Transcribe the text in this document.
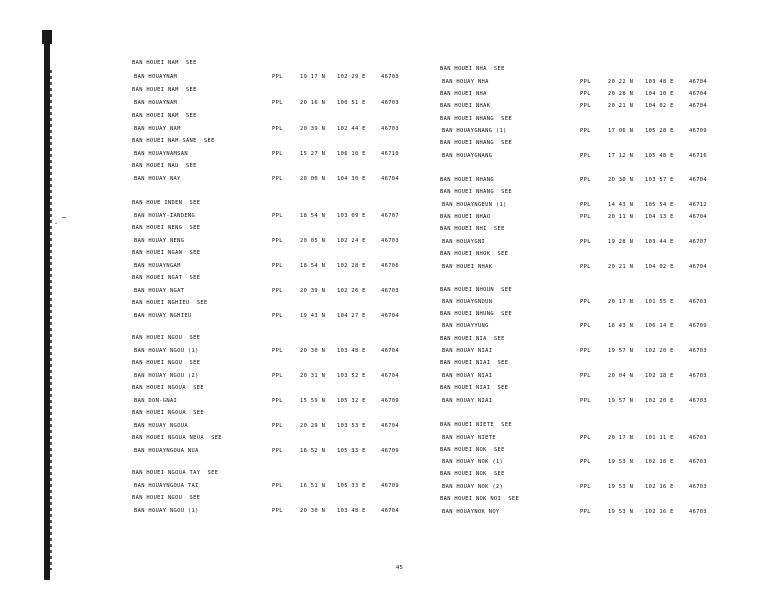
BAN HOUEI NAM  SEE
BAN HOUAYNAM	PPL	19 17 N 102 29 E	46703
BAN HOUEI NAM  SEE
BAN HOUAYNAM	PPL	20 16 N 100 51 E	46703
BAN HOUEI NAM  SEE
BAN HOUAY NAM	PPL	20 39 N 102 44 E	46703
BAN HOUEI NAM SANE  SEE
BAN HOUAYNAMSAN	PPL	15 27 N 106 10 E	46710
BAN HOUEI NAU  SEE
BAN HOUAY NAY	PPL	20 00 N 104 30 E	46704
BAN HOUE INDEN  SEE
BAN HOUAY-IANDENG	PPL	18 54 N 103 09 E	46707
BAN HOUEI NENG  SEE
BAN HOUAY NENG	PPL	20 05 N 102 24 E	46703
BAN HOUEI NGAN  SEE
BAN HOUAYNGAM	PPL	18 54 N 102 28 E	46706
BAN HOUEI NGAT  SEE
BAN HOUAY NGAT	PPL	20 39 N 102 26 E	46703
BAN HOUEI NGHIEU  SEE
BAN HOUAY NGHIEU	PPL	19 43 N 104 27 E	46704
BAN HOUEI NGOU  SEE
BAN HOUAY NGOU (1)	PPL	20 30 N 103 48 E	46704
BAN HOUEI NGOU  SEE
BAN HOUAY NGOU (2)	PPL	20 31 N 103 52 E	46704
BAN HOUEI NGOUA  SEE
BAN DON-GNAI	PPL	15 59 N 105 32 E	46709
BAN HOUEI NGOUA  SEE
BAN HOUAY NGOUA	PPL	20 29 N 103 53 E	46704
BAN HOUEI NGOUA NEUA  SEE
BAN HOUAYNGOUA NUA	PPL	16 52 N 105 33 E	46709
BAN HOUEI NGOUA TAY  SEE
BAN HOUAYNGOUA TAI	PPL	16 51 N 105 33 E	46709
BAN HOUEI NGOU  SEE
BAN HOUAY NGOU (1)	PPL	20 30 N 103 48 E	46704
BAN HOUEI NHA  SEE
BAN HOUAY NHA	PPL	20 22 N 103 48 E	46704
BAN HOUEI NHA	PPL	20 28 N 104 10 E	46704
BAN HOUEI NHAK	PPL	20 21 N 104 02 E	46704
BAN HOUEI NHANG  SEE
BAN HOUAYGNANG (1)	PPL	17 06 N 105 28 E	46709
BAN HOUEI NHANG  SEE
BAN HOUAYGNANG	PPL	17 12 N 105 48 E	46716
BAN HOUEI NHANG	PPL	20 30 N 103 57 E	46704
BAN HOUEI NHANG  SEE
BAN HOUAYNGEUN (1)	PPL	14 43 N 105 54 E	46712
BAN HOUEI NHAO	PPL	20 11 N 104 13 E	46704
BAN HOUEI NHI  SEE
BAN HOUAYGNI	PPL	19 28 N 103 44 E	46707
BAN HOUEI NHOK  SEE
BAN HOUEI NHAK	PPL	20 21 N 104 02 E	46704
BAN HOUEI NHOUN  SEE
BAN HOUAYGNOUN	PPL	20 17 N 101 55 E	46703
BAN HOUEI NHUNG  SEE
BAN HOUAYYUNG	PPL	16 43 N 106 14 E	46709
BAN HOUEI NIA  SEE
BAN HOUAY NIAI	PPL	19 57 N 102 20 E	46703
BAN HOUEI NIAI  SEE
BAN HOUAY NIAI	PPL	20 04 N 102 18 E	46703
BAN HOUEI NIAI  SEE
BAN HOUAY NIAI	PPL	19 57 N 102 20 E	46703
BAN HOUEI NIETE  SEE
BAN HOUAY NIETE	PPL	20 17 N 101 11 E	46703
BAN HOUEI NOK  SEE
BAN HOUAY NOK (1)	PPL	19 53 N 102 16 E	46703
BAN HOUEI NOK  SEE
BAN HOUAY NOK (2)	PPL	19 53 N 102 16 E	46703
BAN HOUEI NOK NOI  SEE
BAN HOUAYNOK NOY	PPL	19 53 N 102 16 E	46703
45
